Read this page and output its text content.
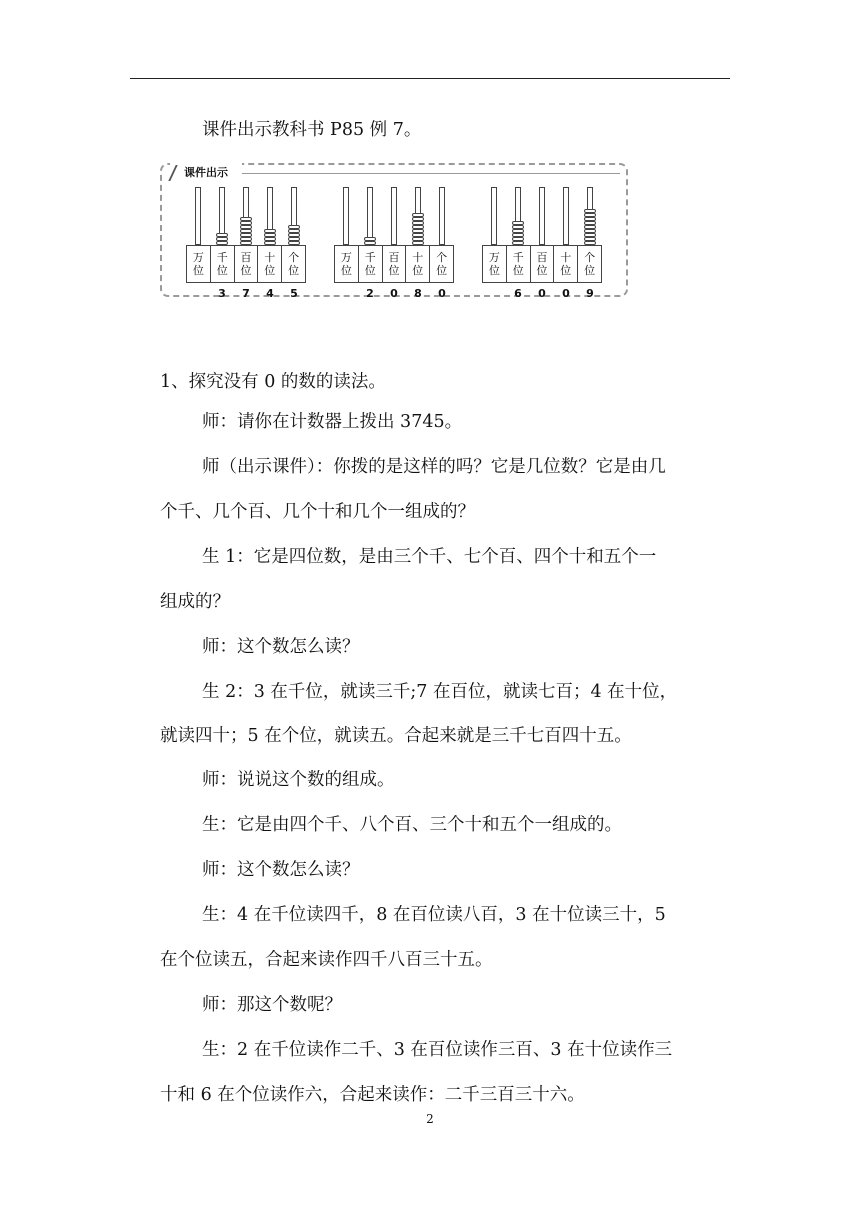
课件出示教科书 P85 例 7。
课件出示
万
位
千
位
百
位
十
位
个
位
3	7	4	5
万
位
千
位
百
位
十
位
个
位
2	0	8	0
万
位
千
位
百
位
十
位
个
位
6	0	0	9
1、探究没有 0 的数的读法。
师：请你在计数器上拨出 3745。
师（出示课件）：你拨的是这样的吗？它是几位数？它是由几
个千、几个百、几个十和几个一组成的？
生 1：它是四位数，是由三个千、七个百、四个十和五个一
组成的？
师：这个数怎么读？
生 2：3 在千位，就读三千;7 在百位，就读七百；4 在十位，
就读四十；5 在个位，就读五。合起来就是三千七百四十五。
师：说说这个数的组成。
生：它是由四个千、八个百、三个十和五个一组成的。
师：这个数怎么读？
生：4 在千位读四千，8 在百位读八百，3 在十位读三十，5
在个位读五，合起来读作四千八百三十五。
师：那这个数呢？
生：2 在千位读作二千、3 在百位读作三百、3 在十位读作三
十和 6 在个位读作六，合起来读作：二千三百三十六。
2
